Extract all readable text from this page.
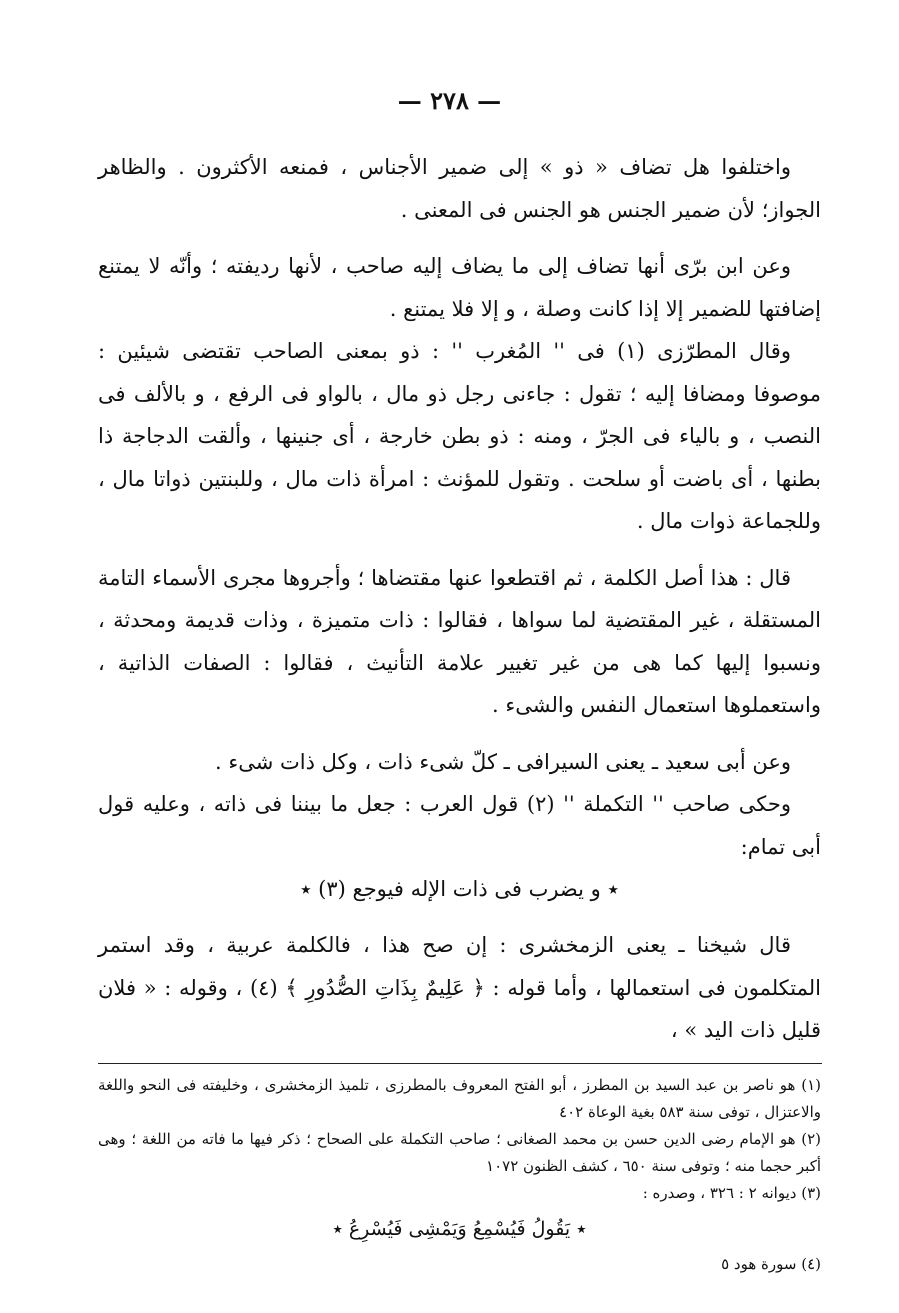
— ٢٧٨ —

واختلفوا هل تضاف « ذو » إلى ضمير الأجناس ، فمنعه الأكثرون . والظاهر الجواز؛ لأن ضمير الجنس هو الجنس فى المعنى .

وعن ابن برّى أنها تضاف إلى ما يضاف إليه صاحب ، لأنها رديفته ؛ وأنّه لا يمتنع إضافتها للضمير إلا إذا كانت وصلة ، و إلا فلا يمتنع .

وقال المطرّزى (١) فى '' المُغرب '' : ذو بمعنى الصاحب تقتضى شيئين : موصوفا ومضافا إليه ؛ تقول : جاءنى رجل ذو مال ، بالواو فى الرفع ، و بالألف فى النصب ، و بالياء فى الجرّ ، ومنه : ذو بطن خارجة ، أى جنينها ، وألقت الدجاجة ذا بطنها ، أى باضت أو سلحت . وتقول للمؤنث : امرأة ذات مال ، وللبنتين ذواتا مال ، وللجماعة ذوات مال .

قال : هذا أصل الكلمة ، ثم اقتطعوا عنها مقتضاها ؛ وأجروها مجرى الأسماء التامة المستقلة ، غير المقتضية لما سواها ، فقالوا : ذات متميزة ، وذات قديمة ومحدثة ، ونسبوا إليها كما هى من غير تغيير علامة التأنيث ، فقالوا : الصفات الذاتية ، واستعملوها استعمال النفس والشىء .

وعن أبى سعيد ـ يعنى السيرافى ـ كلّ شىء ذات ، وكل ذات شىء .

وحكى صاحب '' التكملة '' (٢) قول العرب : جعل ما بيننا فى ذاته ، وعليه قول أبى تمام:

٭ و يضرب فى ذات الإله فيوجع (٣) ٭

قال شيخنا ـ يعنى الزمخشرى : إن صح هذا ، فالكلمة عربية ، وقد استمر المتكلمون فى استعمالها ، وأما قوله : ﴿ عَلِيمٌ بِذَاتِ الصُّدُورِ ﴾ (٤) ، وقوله : « فلان قليل ذات اليد » ،

(١) هو ناصر بن عبد السيد بن المطرز ، أبو الفتح المعروف بالمطرزى ، تلميذ الزمخشرى ، وخليفته فى النحو واللغة والاعتزال ، توفى سنة ٥٨٣ بغية الوعاة ٤٠٢

(٢) هو الإمام رضى الدين حسن بن محمد الصغانى ؛ صاحب التكملة على الصحاح ؛ ذكر فيها ما فاته من اللغة ؛ وهى أكبر حجما منه ؛ وتوفى سنة ٦٥٠ ، كشف الظنون ١٠٧٢

(٣) ديوانه ٢ : ٣٢٦ ، وصدره :

٭ يَقُولُ فَيُسْمِعُ وَيَمْشِى فَيُسْرِعُ ٭

(٤) سورة هود ٥
